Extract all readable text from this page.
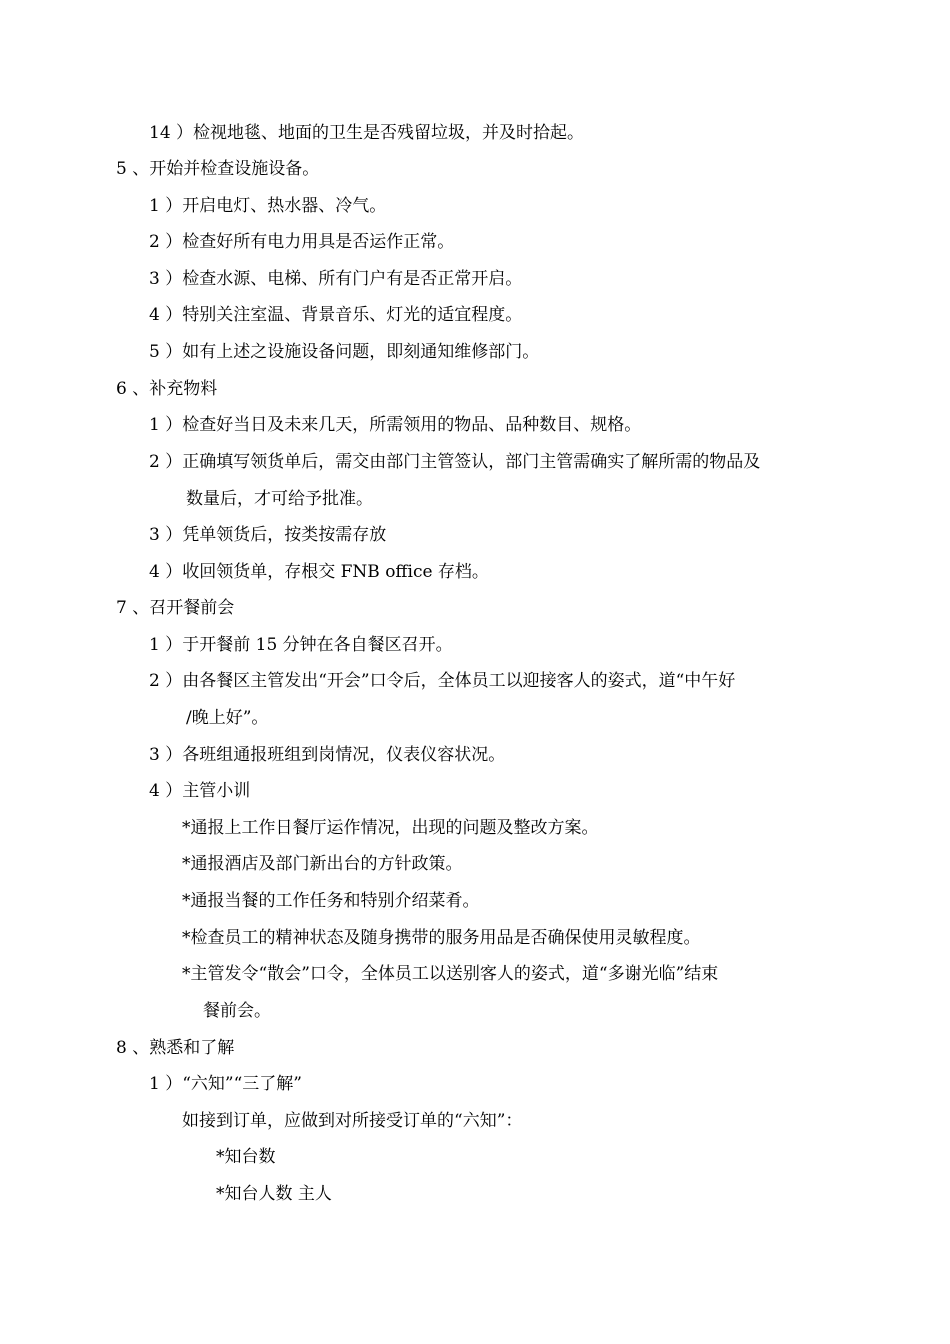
14 ）检视地毯、地面的卫生是否残留垃圾，并及时拾起。
5 、开始并检查设施设备。
1 ）开启电灯、热水器、冷气。
2 ）检查好所有电力用具是否运作正常。
3 ）检查水源、电梯、所有门户有是否正常开启。
4 ）特别关注室温、背景音乐、灯光的适宜程度。
5 ）如有上述之设施设备问题，即刻通知维修部门。
6 、补充物料
1 ）检查好当日及未来几天，所需领用的物品、品种数目、规格。
2 ）正确填写领货单后，需交由部门主管签认，部门主管需确实了解所需的物品及
数量后，才可给予批准。
3 ）凭单领货后，按类按需存放
4 ）收回领货单，存根交 FNB office 存档。
7 、召开餐前会
1 ）于开餐前 15 分钟在各自餐区召开。
2 ）由各餐区主管发出“开会”口令后，全体员工以迎接客人的姿式，道“中午好
/晚上好”。
3 ）各班组通报班组到岗情况，仪表仪容状况。
4 ）主管小训
*通报上工作日餐厅运作情况，出现的问题及整改方案。
*通报酒店及部门新出台的方针政策。
*通报当餐的工作任务和特别介绍菜肴。
*检查员工的精神状态及随身携带的服务用品是否确保使用灵敏程度。
*主管发令“散会”口令，全体员工以送别客人的姿式，道“多谢光临”结束
餐前会。
8 、熟悉和了解
1 ）“六知”“三了解”
如接到订单，应做到对所接受订单的“六知”：
*知台数
*知台人数 主人
